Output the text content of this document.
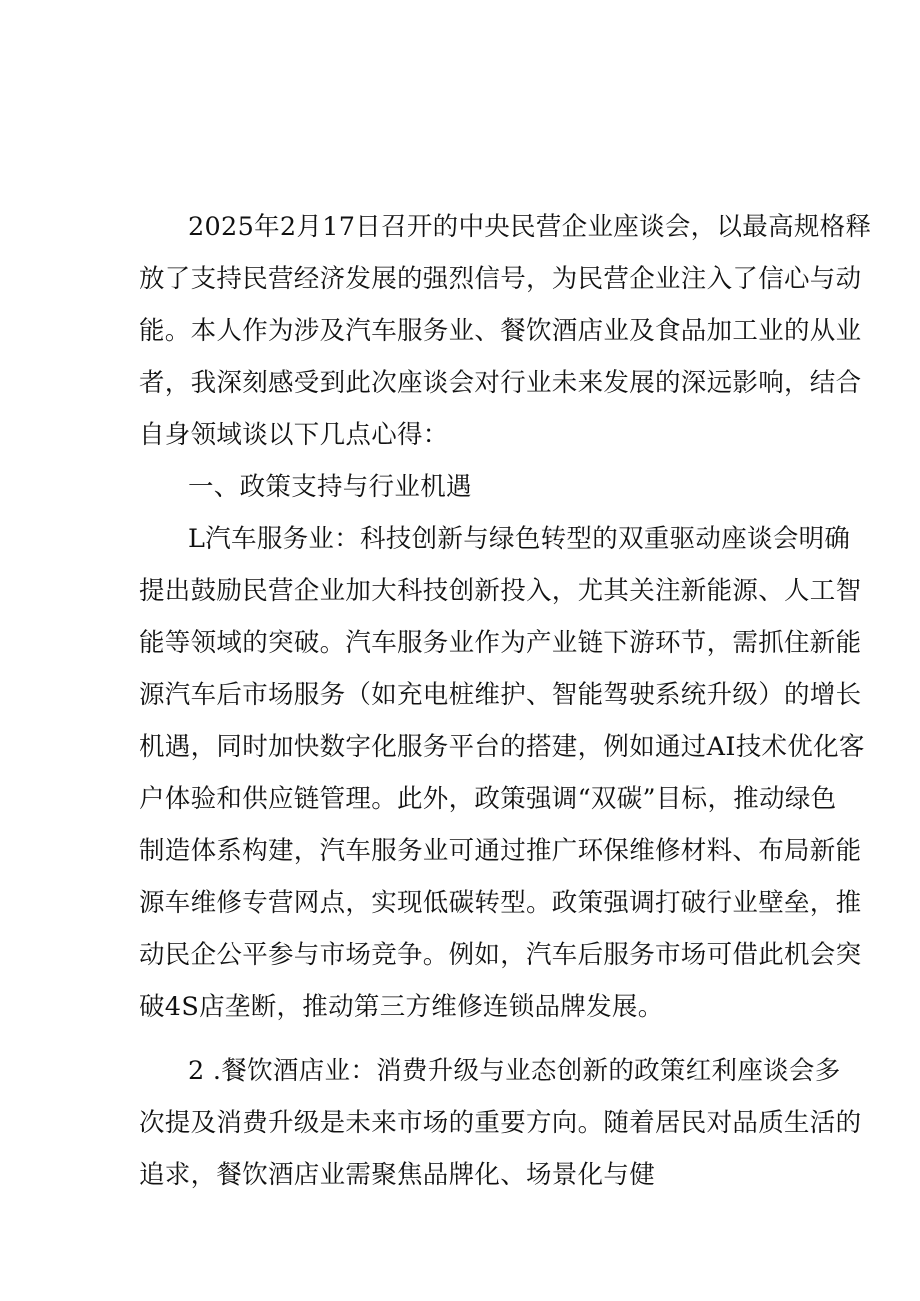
2025年2月17日召开的中央民营企业座谈会，以最高规格释
放了支持民营经济发展的强烈信号，为民营企业注入了信心与动
能。本人作为涉及汽车服务业、餐饮酒店业及食品加工业的从业
者，我深刻感受到此次座谈会对行业未来发展的深远影响，结合
自身领域谈以下几点心得：
一、政策支持与行业机遇
L汽车服务业：科技创新与绿色转型的双重驱动座谈会明确
提出鼓励民营企业加大科技创新投入，尤其关注新能源、人工智
能等领域的突破。汽车服务业作为产业链下游环节，需抓住新能
源汽车后市场服务（如充电桩维护、智能驾驶系统升级）的增长
机遇，同时加快数字化服务平台的搭建，例如通过AI技术优化客
户体验和供应链管理。此外，政策强调“双碳”目标，推动绿色
制造体系构建，汽车服务业可通过推广环保维修材料、布局新能
源车维修专营网点，实现低碳转型。政策强调打破行业壁垒，推
动民企公平参与市场竞争。例如，汽车后服务市场可借此机会突
破4S店垄断，推动第三方维修连锁品牌发展。
2 .餐饮酒店业：消费升级与业态创新的政策红利座谈会多
次提及消费升级是未来市场的重要方向。随着居民对品质生活的
追求，餐饮酒店业需聚焦品牌化、场景化与健
